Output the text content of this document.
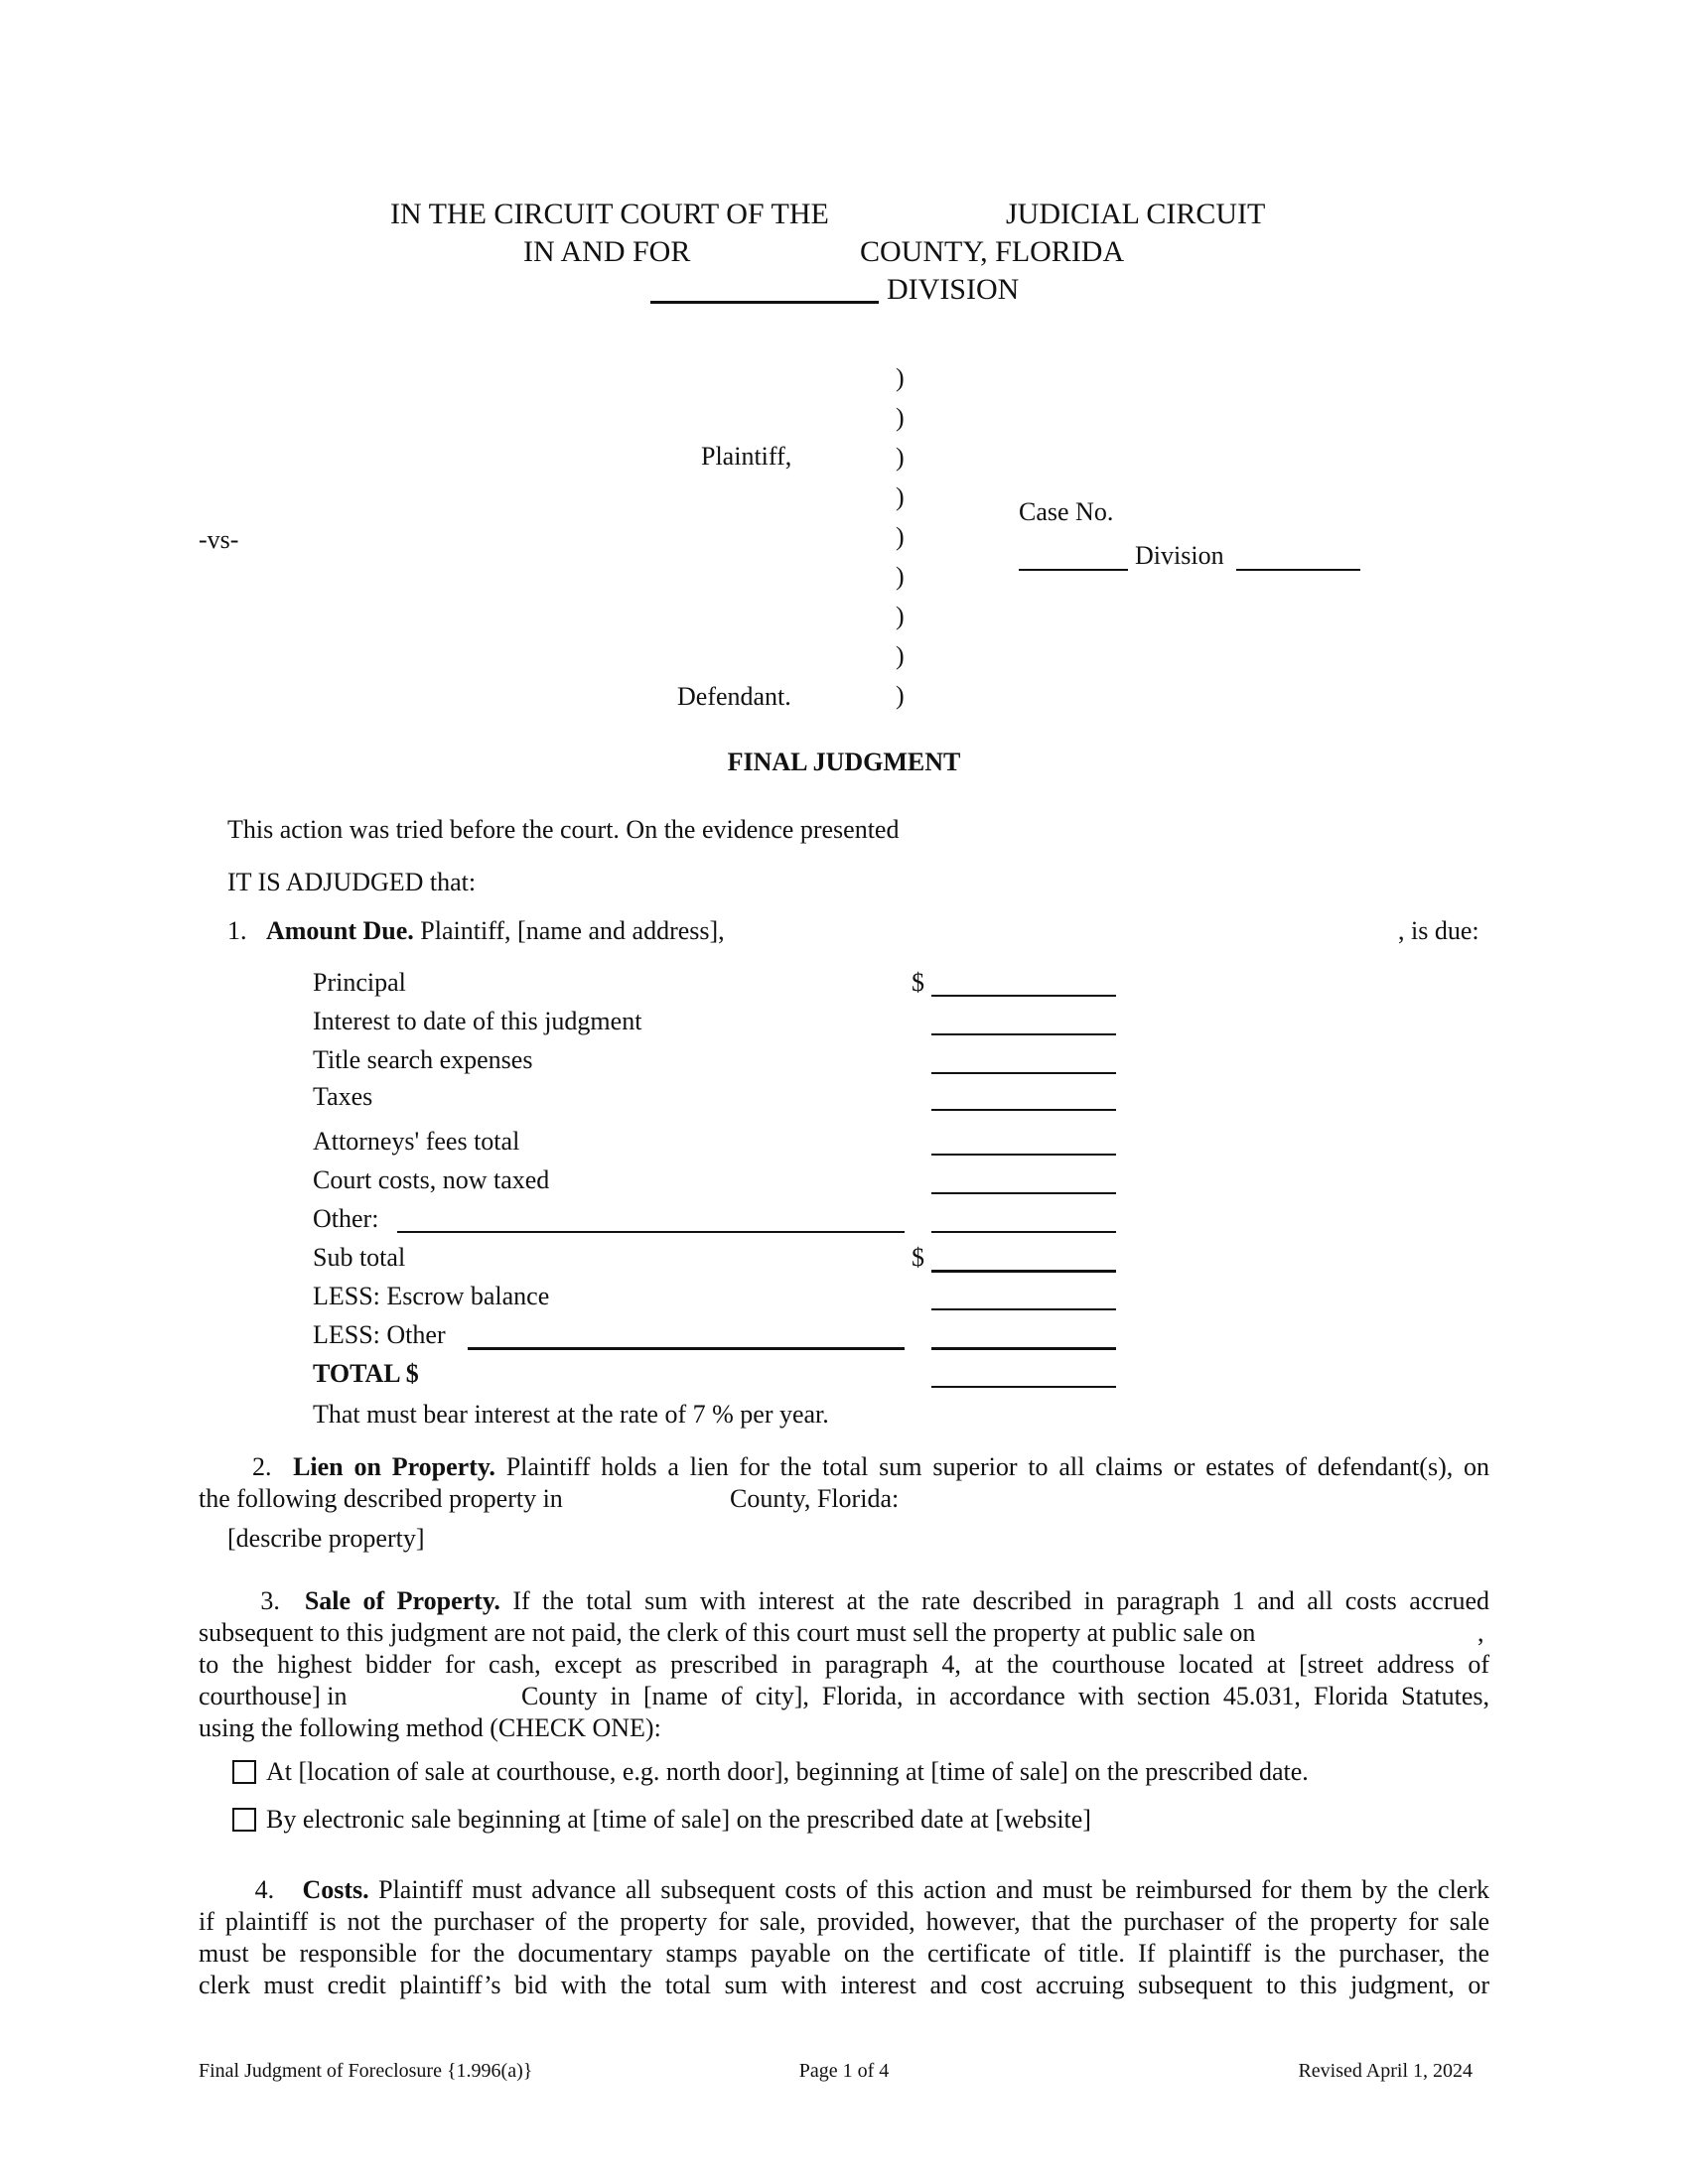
IN THE CIRCUIT COURT OF THE	JUDICIAL CIRCUIT
IN AND FOR	COUNTY, FLORIDA
DIVISION
)
)
)
)
)
)
)
)
)
Plaintiff,
-vs-
Defendant.
Case No.
Division
FINAL JUDGMENT
This action was tried before the court. On the evidence presented
IT IS ADJUDGED that:
1. Amount Due. Plaintiff, [name and address],	, is due:
Principal	$
Interest to date of this judgment
Title search expenses
Taxes
Attorneys' fees total
Court costs, now taxed
Other:
Sub total	$
LESS: Escrow balance
LESS: Other
TOTAL $
That must bear interest at the rate of 7 % per year.
2. Lien on Property. Plaintiff holds a lien for the total sum superior to all claims or estates of defendant(s), on
the following described property in	County, Florida:
[describe property]
3. Sale of Property. If the total sum with interest at the rate described in paragraph 1 and all costs accrued
subsequent to this judgment are not paid, the clerk of this court must sell the property at public sale on	,
to the highest bidder for cash, except as prescribed in paragraph 4, at the courthouse located at [street address of
courthouse] in	County in [name of city], Florida, in accordance with section 45.031, Florida Statutes,
using the following method (CHECK ONE):
At [location of sale at courthouse, e.g. north door], beginning at [time of sale] on the prescribed date.
By electronic sale beginning at [time of sale] on the prescribed date at [website]
4. Costs. Plaintiff must advance all subsequent costs of this action and must be reimbursed for them by the clerk
if plaintiff is not the purchaser of the property for sale, provided, however, that the purchaser of the property for sale
must be responsible for the documentary stamps payable on the certificate of title. If plaintiff is the purchaser, the
clerk must credit plaintiff’s bid with the total sum with interest and cost accruing subsequent to this judgment, or
Final Judgment of Foreclosure {1.996(a)}	Page 1 of 4	Revised April 1, 2024
